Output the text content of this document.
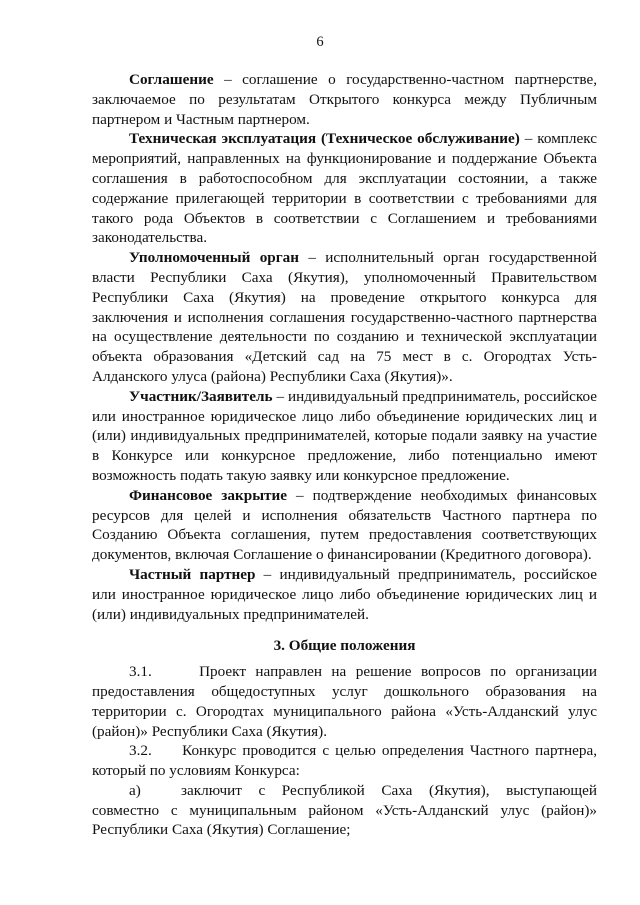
6

Соглашение – соглашение о государственно-частном партнерстве, заключаемое по результатам Открытого конкурса между Публичным партнером и Частным партнером.

Техническая эксплуатация (Техническое обслуживание) – комплекс мероприятий, направленных на функционирование и поддержание Объекта соглашения в работоспособном для эксплуатации состоянии, а также содержание прилегающей территории в соответствии с требованиями для такого рода Объектов в соответствии с Соглашением и требованиями законодательства.

Уполномоченный орган – исполнительный орган государственной власти Республики Саха (Якутия), уполномоченный Правительством Республики Саха (Якутия) на проведение открытого конкурса для заключения и исполнения соглашения государственно-частного партнерства на осуществление деятельности по созданию и технической эксплуатации объекта образования «Детский сад на 75 мест в с. Огородтах Усть-Алданского улуса (района) Республики Саха (Якутия)».

Участник/Заявитель – индивидуальный предприниматель, российское или иностранное юридическое лицо либо объединение юридических лиц и (или) индивидуальных предпринимателей, которые подали заявку на участие в Конкурсе или конкурсное предложение, либо потенциально имеют возможность подать такую заявку или конкурсное предложение.

Финансовое закрытие – подтверждение необходимых финансовых ресурсов для целей и исполнения обязательств Частного партнера по Созданию Объекта соглашения, путем предоставления соответствующих документов, включая Соглашение о финансировании (Кредитного договора).

Частный партнер – индивидуальный предприниматель, российское или иностранное юридическое лицо либо объединение юридических лиц и (или) индивидуальных предпринимателей.

3. Общие положения

3.1.	Проект направлен на решение вопросов по организации предоставления общедоступных услуг дошкольного образования на территории с. Огородтах муниципального района «Усть-Алданский улус (район)» Республики Саха (Якутия).

3.2. Конкурс проводится с целью определения Частного партнера, который по условиям Конкурса:

а)	заключит с Республикой Саха (Якутия), выступающей совместно с муниципальным районом «Усть-Алданский улус (район)» Республики Саха (Якутия) Соглашение;
